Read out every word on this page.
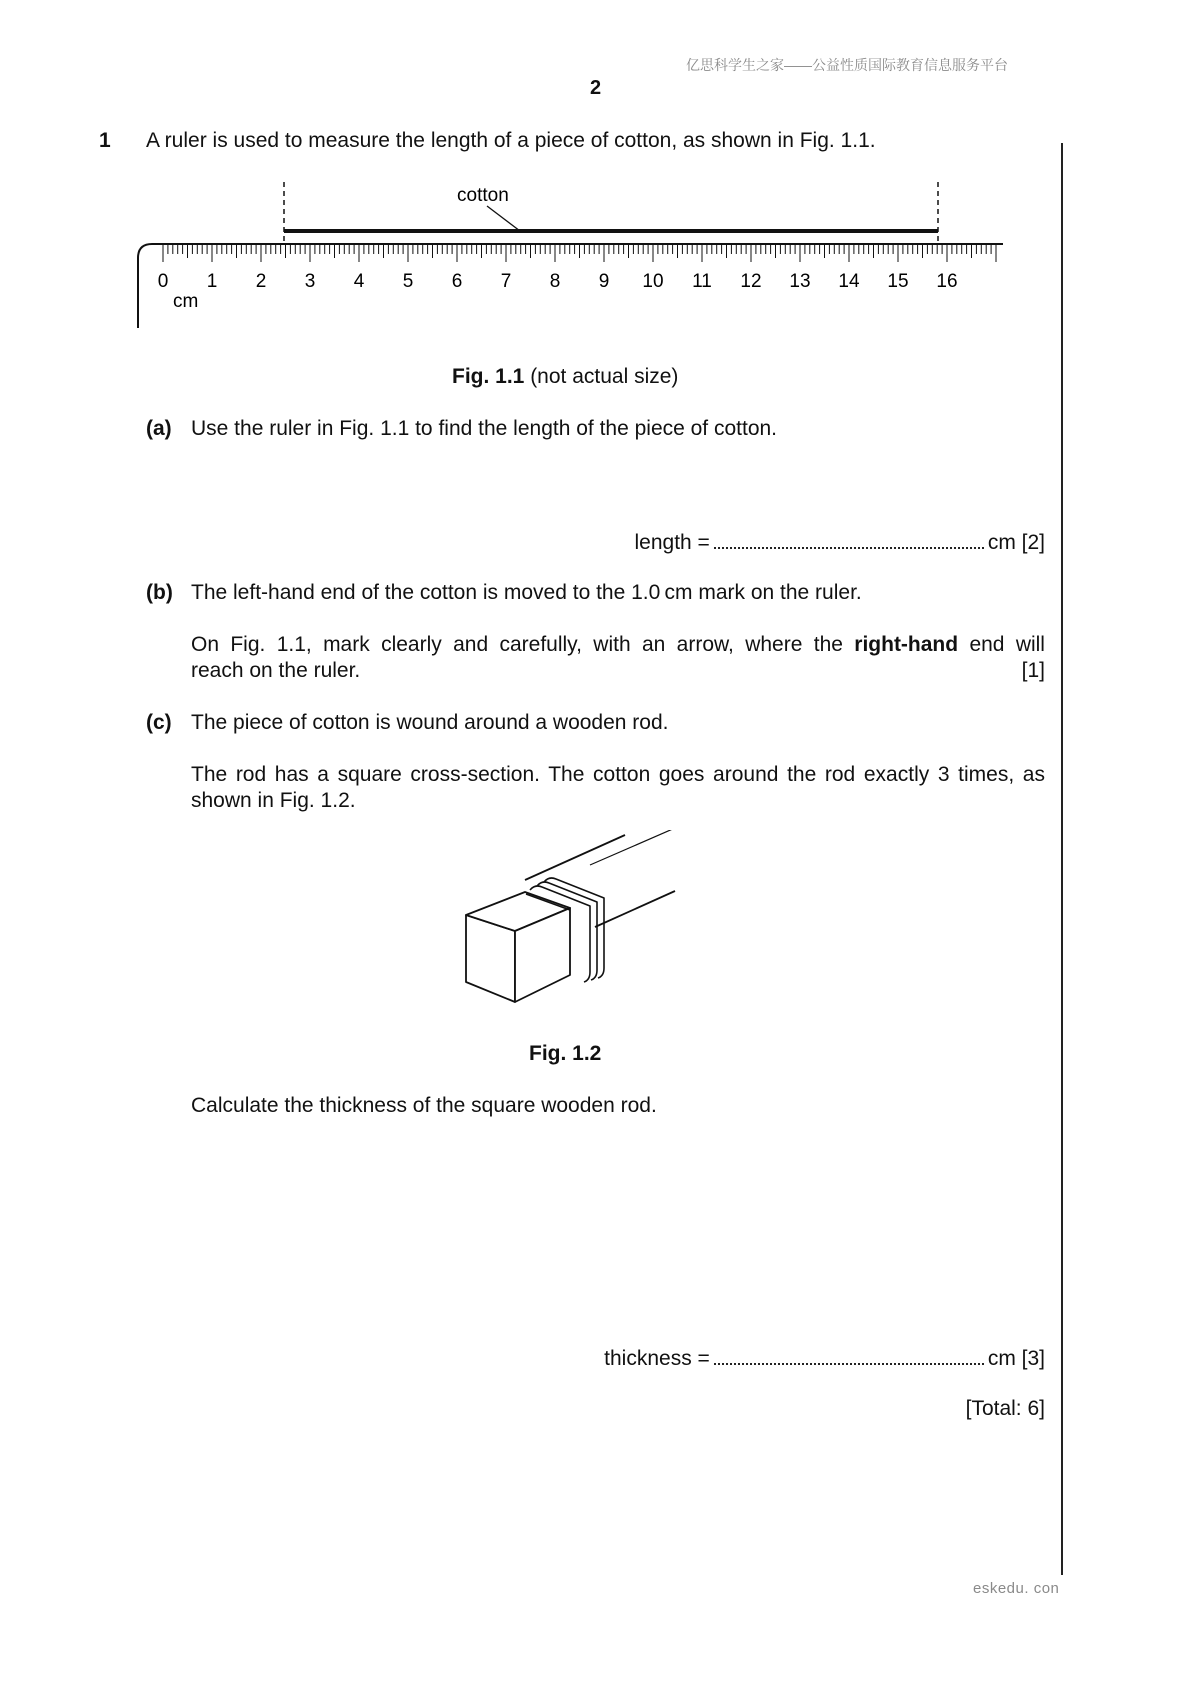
亿思科学生之家——公益性质国际教育信息服务平台
2
eskedu. con
1 A ruler is used to measure the length of a piece of cotton, as shown in Fig. 1.1.
0 1 2 3 4 5 6 7 8 9 10 11 12 13 14 15 16
cm
cotton
Fig. 1.1 (not actual size)
(a) Use the ruler in Fig. 1.1 to find the length of the piece of cotton.
length =	cm [2]
(b) The left-hand end of the cotton is moved to the 1.0 cm mark on the ruler.
On Fig. 1.1, mark clearly and carefully, with an arrow, where the right-hand end will
reach on the ruler.	[1]
(c) The piece of cotton is wound around a wooden rod.
The rod has a square cross-section. The cotton goes around the rod exactly 3 times, as
shown in Fig. 1.2.
Fig. 1.2
Calculate the thickness of the square wooden rod.
thickness =	cm [3]
[Total: 6]
